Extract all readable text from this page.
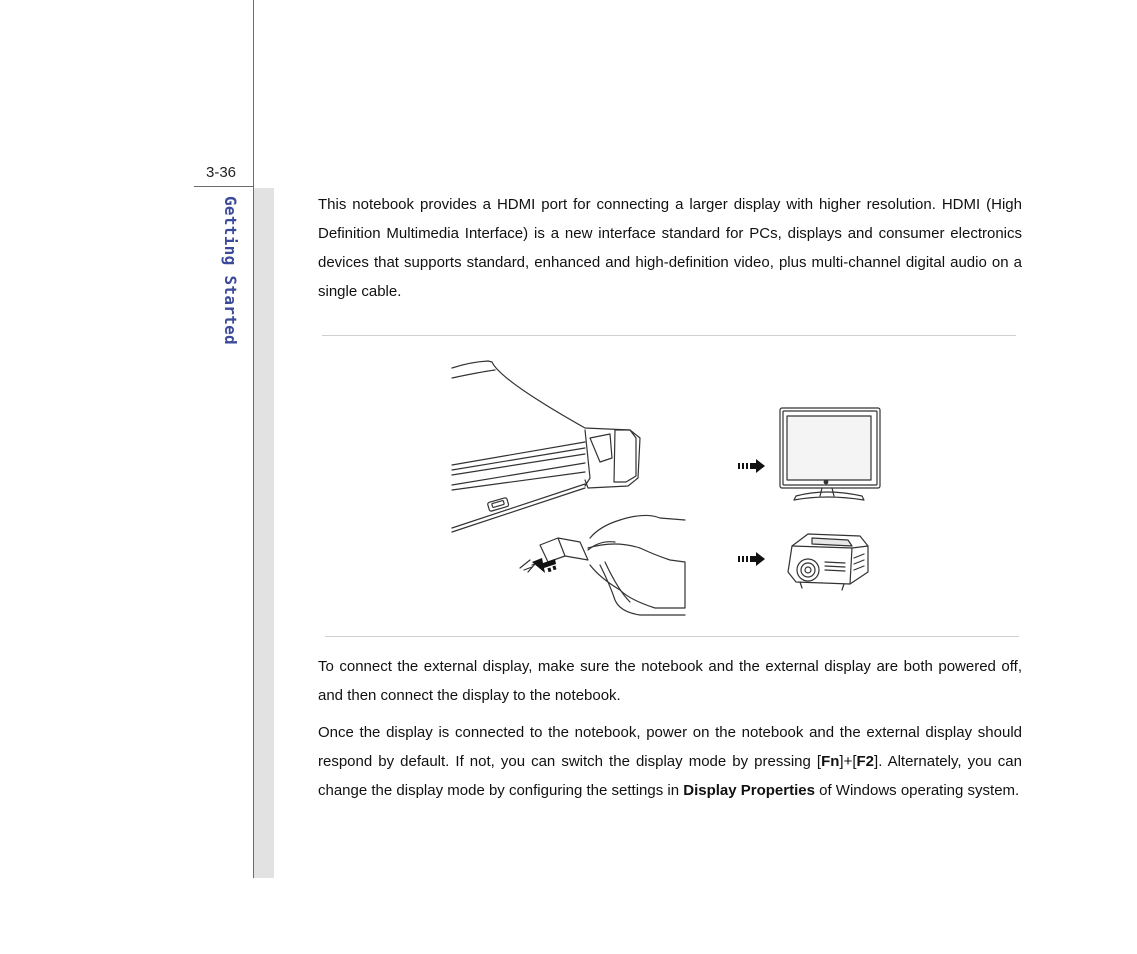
3-36
Getting Started	This notebook provides a HDMI port for connecting a larger display with higher resolution. HDMI (High Definition Multimedia Interface) is a new interface standard for PCs, displays and consumer electronics devices that supports standard, enhanced and high-definition video, plus multi-channel digital audio on a single cable.

To connect the external display, make sure the notebook and the external display are both powered off, and then connect the display to the notebook.

Once the display is connected to the notebook, power on the notebook and the external display should respond by default. If not, you can switch the display mode by pressing [Fn]+[F2]. Alternately, you can change the display mode by configuring the settings in Display Properties of Windows operating system.
